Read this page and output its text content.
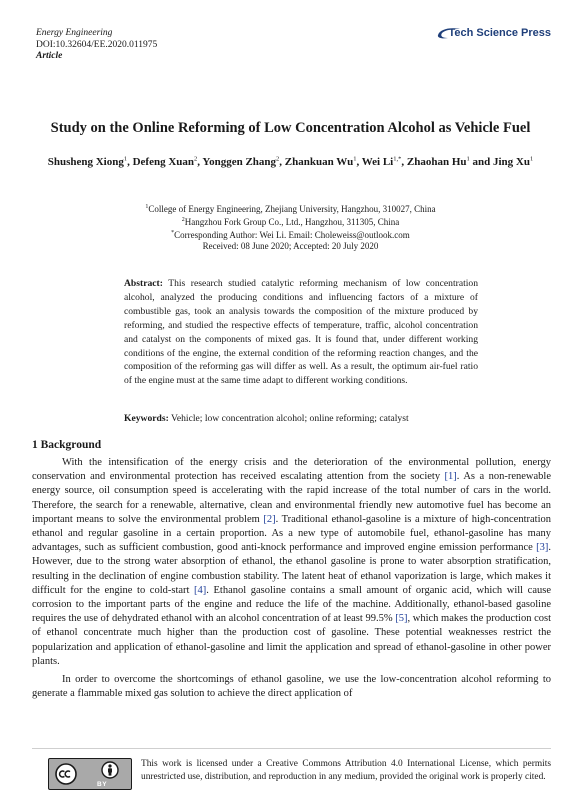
Energy Engineering
DOI:10.32604/EE.2020.011975
Article
Tech Science Press
Study on the Online Reforming of Low Concentration Alcohol as Vehicle Fuel
Shusheng Xiong$^1$, Defeng Xuan$^2$, Yonggen Zhang$^2$, Zhankuan Wu$^1$, Wei $Li^{1,*}$, Zhaohan Hu$^1$ and Jing Xu$^1$
$^1$College of Energy Engineering, Zhejiang University, Hangzhou, 310027, China
$^2$Hangzhou Fork Group Co., Ltd., Hangzhou, 311305, China
*Corresponding Author: Wei Li. Email: Choleweiss@outlook.com
Received: 08 June 2020; Accepted: 20 July 2020
Abstract: This research studied catalytic reforming mechanism of low concentration alcohol, analyzed the producing conditions and influencing factors of a mixture of combustible gas, took an analysis towards the composition of the mixture produced by reforming, and studied the respective effects of temperature, traffic, alcohol concentration and catalyst on the components of mixed gas. It is found that, under different working conditions of the engine, the external condition of the reforming reaction changes, and the composition of the reforming gas will differ as well. As a result, the optimum air-fuel ratio of the engine must at the same time adapt to different working conditions.
Keywords: Vehicle; low concentration alcohol; online reforming; catalyst
1 Background

With the intensification of the energy crisis and the deterioration of the environmental pollution, energy conservation and environmental protection has received escalating attention from the society [1]. As a non-renewable energy source, oil consumption speed is accelerating with the rapid increase of the total number of cars in the world. Therefore, the search for a renewable, alternative, clean and environmental friendly new automotive fuel has become an important means to solve the environmental problem [2]. Traditional ethanol-gasoline is a mixture of high-concentration ethanol and regular gasoline in a certain proportion. As a new type of automobile fuel, ethanol-gasoline has many advantages, such as sufficient combustion, good anti-knock performance and improved engine emission performance [3]. However, due to the strong water absorption of ethanol, the ethanol gasoline is prone to water absorption stratification, resulting in the declination of engine combustion stability. The latent heat of ethanol vaporization is large, which makes it difficult for the engine to cold-start [4]. Ethanol gasoline contains a small amount of organic acid, which will cause corrosion to the important parts of the engine and reduce the life of the machine. Additionally, ethanol-based gasoline requires the use of dehydrated ethanol with an alcohol concentration of at least 99.5% [5], which makes the production cost of ethanol concentrate much higher than the production cost of gasoline. These potential weaknesses restrict the popularization and application of ethanol-gasoline and limit the application and spread of ethanol-gasoline in other power plants.

In order to overcome the shortcomings of ethanol gasoline, we use the low-concentration alcohol reforming to generate a flammable mixed gas solution to achieve the direct application of

BY
This work is licensed under a Creative Commons Attribution 4.0 International License, which permits unrestricted use, distribution, and reproduction in any medium, provided the original work is properly cited.
